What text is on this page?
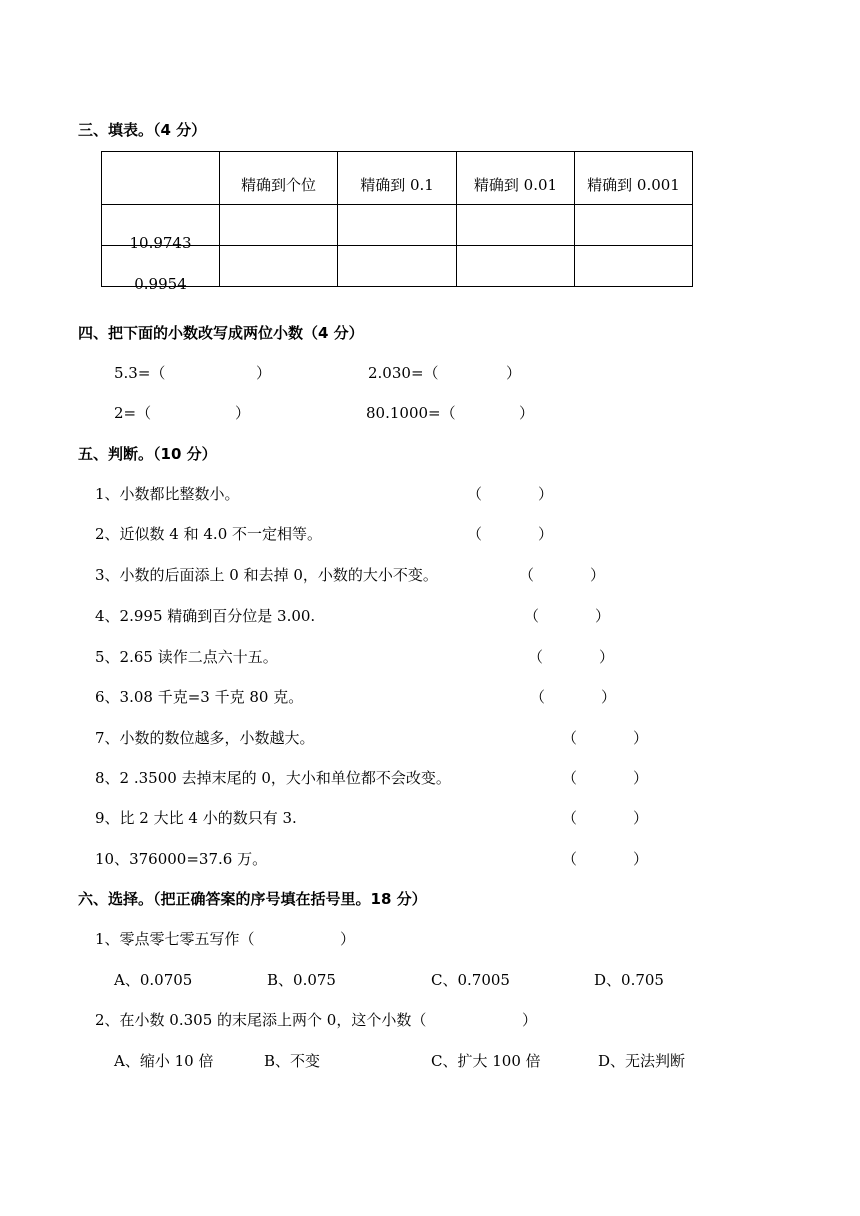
三、填表。（4 分）
	精确到个位	精确到 0.1	精确到 0.01	精确到 0.001
10.9743				
0.9954				
四、把下面的小数改写成两位小数（4 分）
5.3=（	）	2.030=（	）
2=（	）	80.1000=（	）
五、判断。（10 分）
1、小数都比整数小。	（	）
2、近似数 4 和 4.0 不一定相等。	（	）
3、小数的后面添上 0 和去掉 0，小数的大小不变。	（	）
4、2.995 精确到百分位是 3.00.	（	）
5、2.65 读作二点六十五。	（	）
6、3.08 千克=3 千克 80 克。	（	）
7、小数的数位越多，小数越大。	（	）
8、2 .3500 去掉末尾的 0，大小和单位都不会改变。	（	）
9、比 2 大比 4 小的数只有 3.	（	）
10、376000=37.6 万。	（	）
六、选择。（把正确答案的序号填在括号里。18 分）
1、零点零七零五写作（	）
A、0.0705	B、0.075	C、0.7005	D、0.705
2、在小数 0.305 的末尾添上两个 0，这个小数（	）
A、缩小 10 倍	B、不变	C、扩大 100 倍	D、无法判断
